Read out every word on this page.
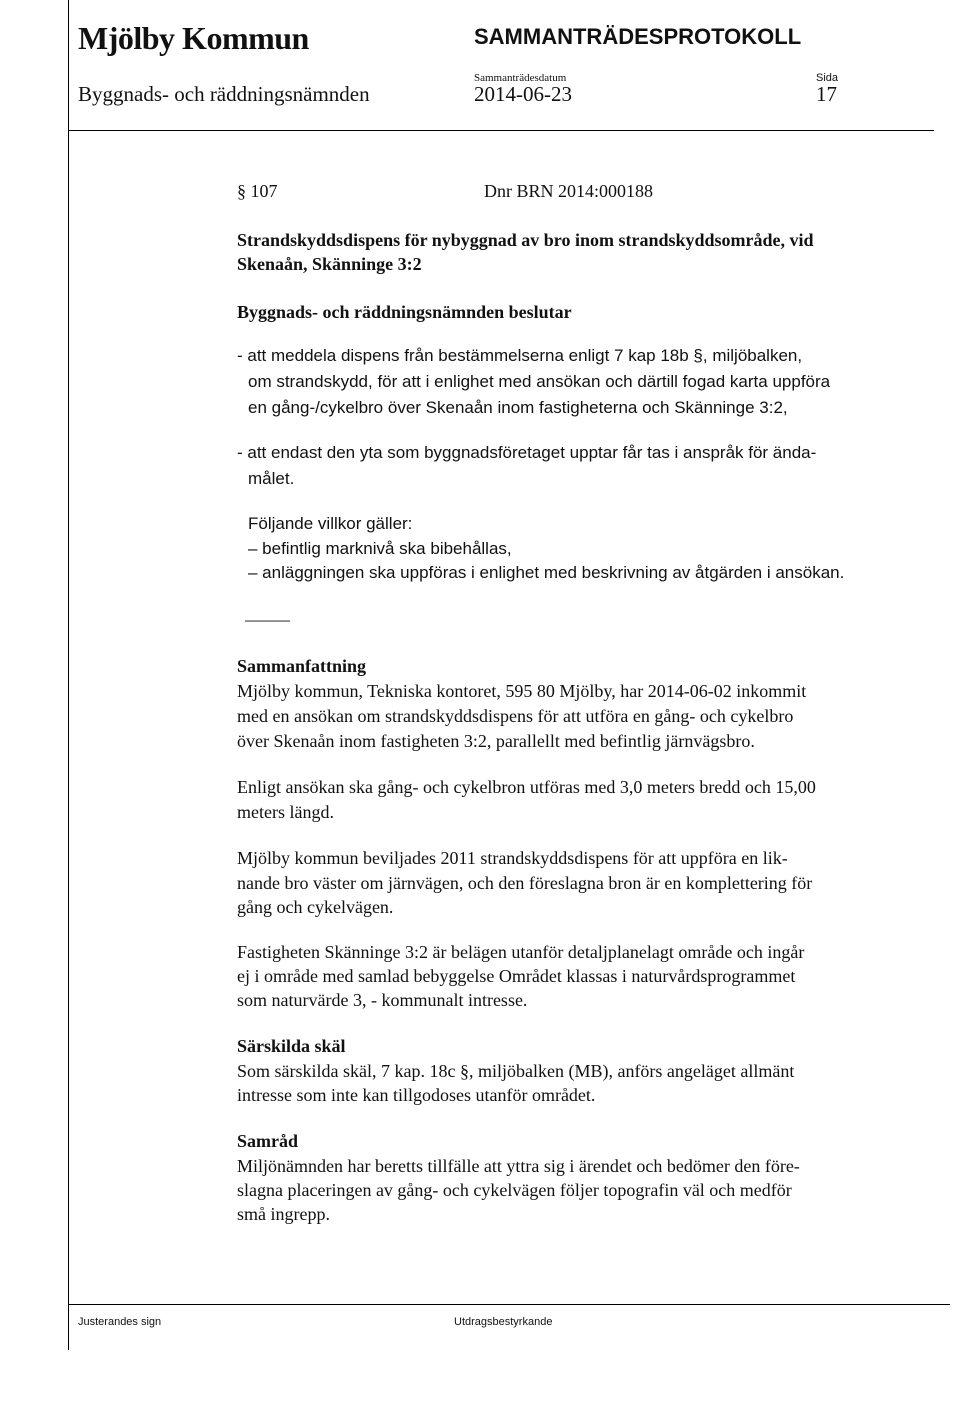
Mjölby Kommun	SAMMANTRÄDESPROTOKOLL
Sammanträdesdatum	Sida
Byggnads- och räddningsnämnden	2014-06-23	17
§ 107	Dnr BRN 2014:000188
Strandskyddsdispens för nybyggnad av bro inom strandskyddsområde, vid
Skenaån, Skänninge 3:2
Byggnads- och räddningsnämnden beslutar
- att meddela dispens från bestämmelserna enligt 7 kap 18b §, miljöbalken,
om strandskydd, för att i enlighet med ansökan och därtill fogad karta uppföra
en gång-/cykelbro över Skenaån inom fastigheterna och Skänninge 3:2,
- att endast den yta som byggnadsföretaget upptar får tas i anspråk för ända-
målet.
Följande villkor gäller:
– befintlig marknivå ska bibehållas,
– anläggningen ska uppföras i enlighet med beskrivning av åtgärden i ansökan.
_____
Sammanfattning
Mjölby kommun, Tekniska kontoret, 595 80 Mjölby, har 2014-06-02 inkommit
med en ansökan om strandskyddsdispens för att utföra en gång- och cykelbro
över Skenaån inom fastigheten 3:2, parallellt med befintlig järnvägsbro.
Enligt ansökan ska gång- och cykelbron utföras med 3,0 meters bredd och 15,00
meters längd.
Mjölby kommun beviljades 2011 strandskyddsdispens för att uppföra en lik-
nande bro väster om järnvägen, och den föreslagna bron är en komplettering för
gång och cykelvägen.
Fastigheten Skänninge 3:2 är belägen utanför detaljplanelagt område och ingår
ej i område med samlad bebyggelse Området klassas i naturvårdsprogrammet
som naturvärde 3, - kommunalt intresse.
Särskilda skäl
Som särskilda skäl, 7 kap. 18c §, miljöbalken (MB), anförs angeläget allmänt
intresse som inte kan tillgodoses utanför området.
Samråd
Miljönämnden har beretts tillfälle att yttra sig i ärendet och bedömer den före-
slagna placeringen av gång- och cykelvägen följer topografin väl och medför
små ingrepp.
Justerandes sign	Utdragsbestyrkande
